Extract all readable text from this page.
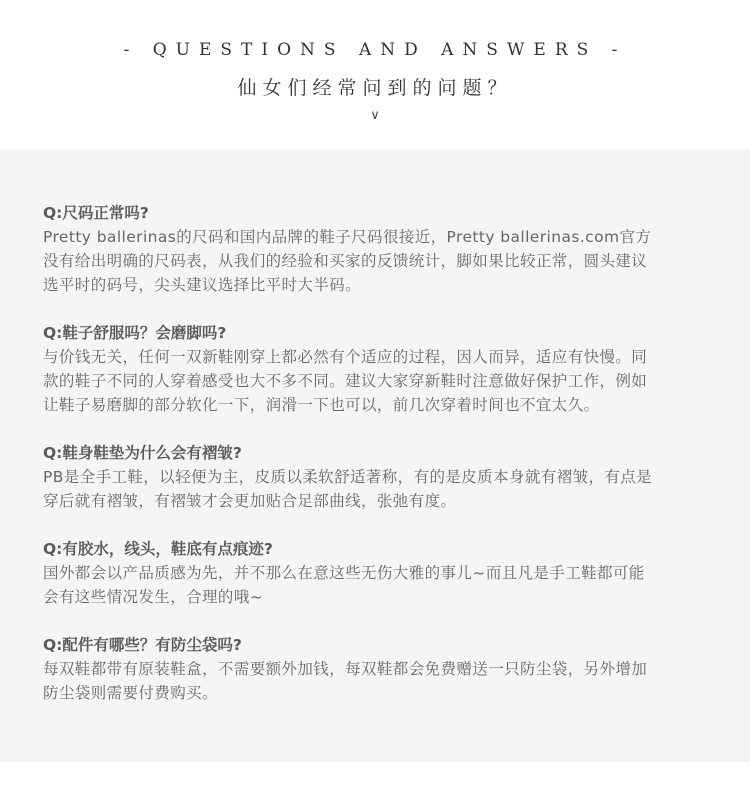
- QUESTIONS AND ANSWERS -
仙女们经常问到的问题？
∨
Q:尺码正常吗?
Pretty ballerinas的尺码和国内品牌的鞋子尺码很接近，Pretty ballerinas.com官方
没有给出明确的尺码表，从我们的经验和买家的反馈统计，脚如果比较正常，圆头建议
选平时的码号，尖头建议选择比平时大半码。
Q:鞋子舒服吗？会磨脚吗?
与价钱无关，任何一双新鞋刚穿上都必然有个适应的过程，因人而异，适应有快慢。同
款的鞋子不同的人穿着感受也大不多不同。建议大家穿新鞋时注意做好保护工作，例如
让鞋子易磨脚的部分软化一下，润滑一下也可以，前几次穿着时间也不宜太久。
Q:鞋身鞋垫为什么会有褶皱?
PB是全手工鞋，以轻便为主，皮质以柔软舒适著称，有的是皮质本身就有褶皱，有点是
穿后就有褶皱，有褶皱才会更加贴合足部曲线，张弛有度。
Q:有胶水，线头，鞋底有点痕迹?
国外都会以产品质感为先，并不那么在意这些无伤大雅的事儿~而且凡是手工鞋都可能
会有这些情况发生，合理的哦~
Q:配件有哪些？有防尘袋吗?
每双鞋都带有原装鞋盒，不需要额外加钱，每双鞋都会免费赠送一只防尘袋，另外增加
防尘袋则需要付费购买。
